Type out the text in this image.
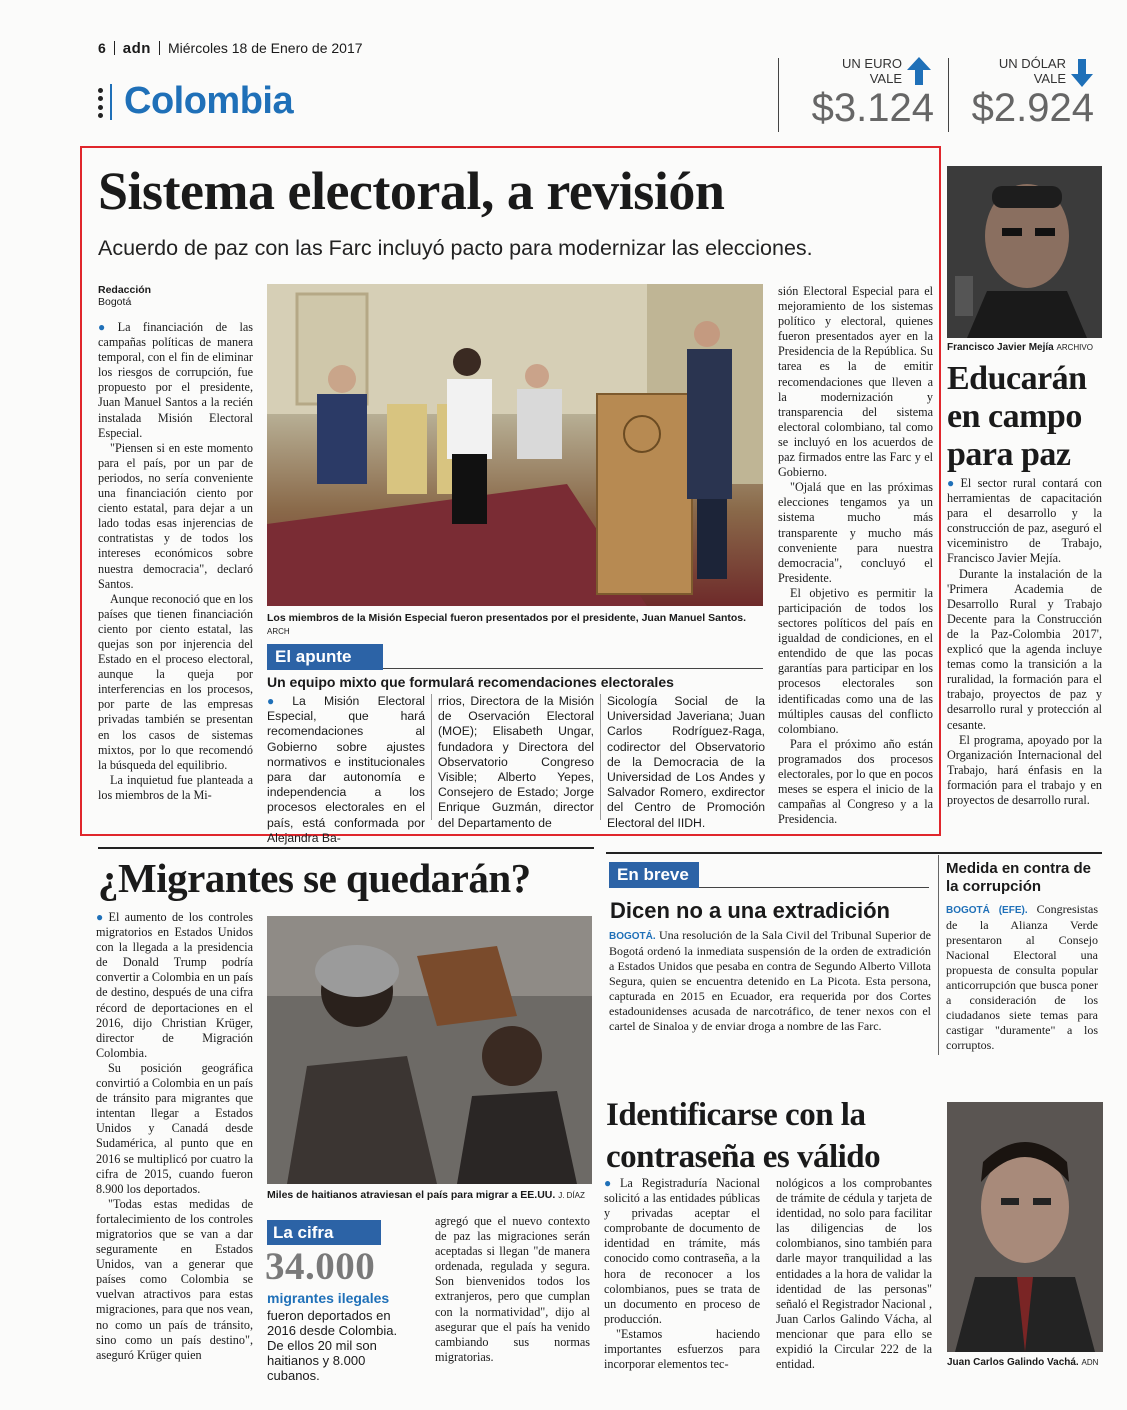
6 adn Miércoles 18 de Enero de 2017
Colombia
UN EURO
VALE
$3.124
UN DÓLAR
VALE
$2.924
Sistema electoral, a revisión
Acuerdo de paz con las Farc incluyó pacto para modernizar las elecciones.
Redacción
Bogotá

● La financiación de las campañas políticas de manera temporal, con el fin de eliminar los riesgos de corrupción, fue propuesto por el presidente, Juan Manuel Santos a la recién instalada Misión Electoral Especial.

"Piensen si en este momento para el país, por un par de periodos, no sería conveniente una financiación ciento por ciento estatal, para dejar a un lado todas esas injerencias de contratistas y de todos los intereses económicos sobre nuestra democracia", declaró Santos.

Aunque reconoció que en los países que tienen financiación ciento por ciento estatal, las quejas son por injerencia del Estado en el proceso electoral, aunque la queja por interferencias en los procesos, por parte de las empresas privadas también se presentan en los casos de sistemas mixtos, por lo que recomendó la búsqueda del equilibrio.

La inquietud fue planteada a los miembros de la Mi-

Los miembros de la Misión Especial fueron presentados por el presidente, Juan Manuel Santos. ARCH
El apunte
Un equipo mixto que formulará recomendaciones electorales
● La Misión Electoral Especial, que hará recomendaciones al Gobierno sobre ajustes normativos e institucionales para dar autonomía e independencia a los procesos electorales en el país, está conformada por Alejandra Ba-
rrios, Directora de la Misión de Oservación Electoral (MOE); Elisabeth Ungar, fundadora y Directora del Observatorio Congreso Visible; Alberto Yepes, Consejero de Estado; Jorge Enrique Guzmán, director del Departamento de
Sicología Social de la Universidad Javeriana; Juan Carlos Rodríguez-Raga, codirector del Observatorio de la Democracia de la Universidad de Los Andes y Salvador Romero, exdirector del Centro de Promoción Electoral del IIDH.

sión Electoral Especial para el mejoramiento de los sistemas político y electoral, quienes fueron presentados ayer en la Presidencia de la República. Su tarea es la de emitir recomendaciones que lleven a la modernización y transparencia del sistema electoral colombiano, tal como se incluyó en los acuerdos de paz firmados entre las Farc y el Gobierno.

"Ojalá que en las próximas elecciones tengamos ya un sistema mucho más transparente y mucho más conveniente para nuestra democracia", concluyó el Presidente.

El objetivo es permitir la participación de todos los sectores políticos del país en igualdad de condiciones, en el entendido de que las pocas garantías para participar en los procesos electorales son identificadas como una de las múltiples causas del conflicto colombiano.

Para el próximo año están programados dos procesos electorales, por lo que en pocos meses se espera el inicio de la campañas al Congreso y a la Presidencia.

Francisco Javier Mejía ARCHIVO
Educarán en campo para paz

● El sector rural contará con herramientas de capacitación para el desarrollo y la construcción de paz, aseguró el viceministro de Trabajo, Francisco Javier Mejía.

Durante la instalación de la 'Primera Academia de Desarrollo Rural y Trabajo Decente para la Construcción de la Paz-Colombia 2017', explicó que la agenda incluye temas como la transición a la ruralidad, la formación para el trabajo, proyectos de paz y desarrollo rural y protección al cesante.

El programa, apoyado por la Organización Internacional del Trabajo, hará énfasis en la formación para el trabajo y en proyectos de desarrollo rural.

¿Migrantes se quedarán?

● El aumento de los controles migratorios en Estados Unidos con la llegada a la presidencia de Donald Trump podría convertir a Colombia en un país de destino, después de una cifra récord de deportaciones en el 2016, dijo Christian Krüger, director de Migración Colombia.

Su posición geográfica convirtió a Colombia en un país de tránsito para migrantes que intentan llegar a Estados Unidos y Canadá desde Sudamérica, al punto que en 2016 se multiplicó por cuatro la cifra de 2015, cuando fueron 8.900 los deportados.

"Todas estas medidas de fortalecimiento de los controles migratorios que se van a dar seguramente en Estados Unidos, van a generar que países como Colombia se vuelvan atractivos para estas migraciones, para que nos vean, no como un país de tránsito, sino como un país destino", aseguró Krüger quien

Miles de haitianos atraviesan el país para migrar a EE.UU. J. DÍAZ
La cifra
34.000
migrantes ilegales
fueron deportados en 2016 desde Colombia. De ellos 20 mil son haitianos y 8.000 cubanos.

agregó que el nuevo contexto de paz las migraciones serán aceptadas si llegan "de manera ordenada, regulada y segura. Son bienvenidos todos los extranjeros, pero que cumplan con la normatividad", dijo al asegurar que el país ha venido cambiando sus normas migratorias.

En breve
Dicen no a una extradición

BOGOTÁ. Una resolución de la Sala Civil del Tribunal Superior de Bogotá ordenó la inmediata suspensión de la orden de extradición a Estados Unidos que pesaba en contra de Segundo Alberto Villota Segura, quien se encuentra detenido en La Picota. Esta persona, capturada en 2015 en Ecuador, era requerida por dos Cortes estadounidenses acusada de narcotráfico, de tener nexos con el cartel de Sinaloa y de enviar droga a nombre de las Farc.

Medida en contra de la corrupción

BOGOTÁ (EFE). Congresistas de la Alianza Verde presentaron al Consejo Nacional Electoral una propuesta de consulta popular anticorrupción que busca poner a consideración de los ciudadanos siete temas para castigar "duramente" a los corruptos.

Identificarse con la
contraseña es válido

● La Registraduría Nacional solicitó a las entidades públicas y privadas aceptar el comprobante de documento de identidad en trámite, más conocido como contraseña, a la hora de reconocer a los colombianos, pues se trata de un documento en proceso de producción.

"Estamos haciendo importantes esfuerzos para incorporar elementos tec-

nológicos a los comprobantes de trámite de cédula y tarjeta de identidad, no solo para facilitar las diligencias de los colombianos, sino también para darle mayor tranquilidad a las entidades a la hora de validar la identidad de las personas" señaló el Registrador Nacional , Juan Carlos Galindo Vácha, al mencionar que para ello se expidió la Circular 222 de la entidad.	Juan Carlos Galindo Vachá. ADN
